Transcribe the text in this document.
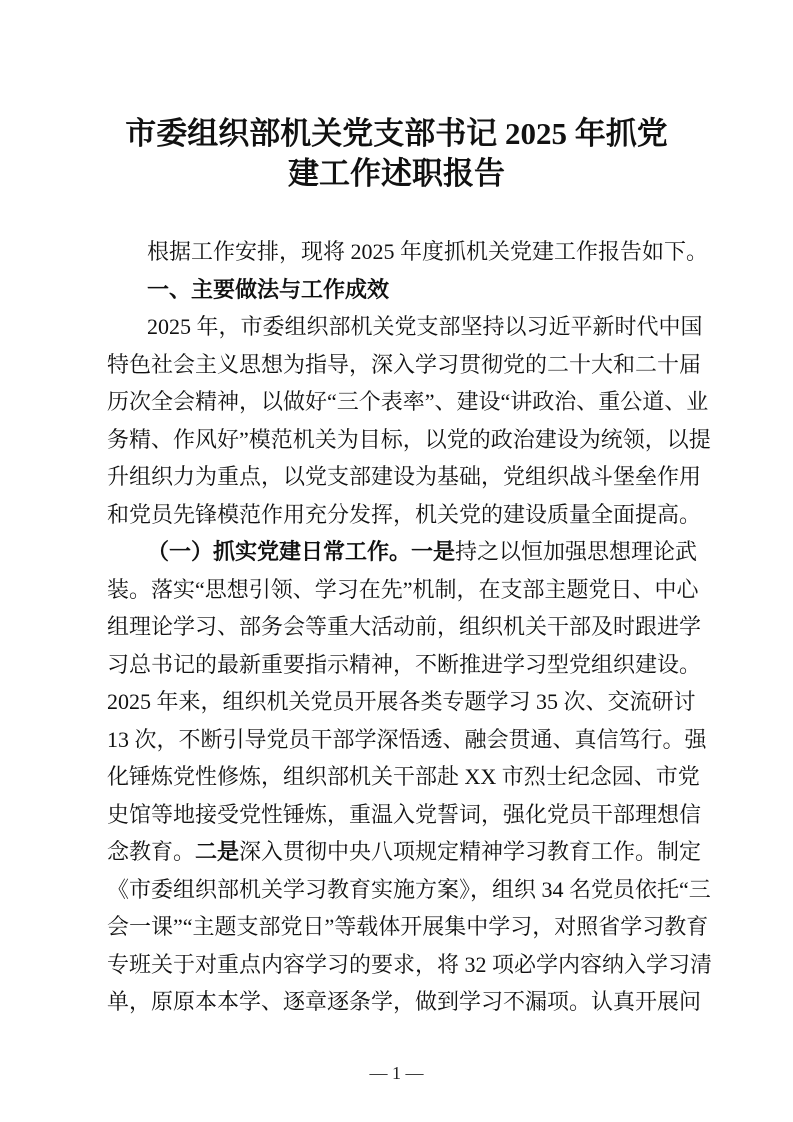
市委组织部机关党支部书记 2025 年抓党
建工作述职报告
根据工作安排，现将 2025 年度抓机关党建工作报告如下。
一、主要做法与工作成效
2025 年，市委组织部机关党支部坚持以习近平新时代中国
特色社会主义思想为指导，深入学习贯彻党的二十大和二十届
历次全会精神，以做好“三个表率”、建设“讲政治、重公道、业
务精、作风好”模范机关为目标，以党的政治建设为统领，以提
升组织力为重点，以党支部建设为基础，党组织战斗堡垒作用
和党员先锋模范作用充分发挥，机关党的建设质量全面提高。
（一）抓实党建日常工作。一是持之以恒加强思想理论武
装。落实“思想引领、学习在先”机制，在支部主题党日、中心
组理论学习、部务会等重大活动前，组织机关干部及时跟进学
习总书记的最新重要指示精神，不断推进学习型党组织建设。
2025 年来，组织机关党员开展各类专题学习 35 次、交流研讨
13 次，不断引导党员干部学深悟透、融会贯通、真信笃行。强
化锤炼党性修炼，组织部机关干部赴 XX 市烈士纪念园、市党
史馆等地接受党性锤炼，重温入党誓词，强化党员干部理想信
念教育。二是深入贯彻中央八项规定精神学习教育工作。制定
《市委组织部机关学习教育实施方案》，组织 34 名党员依托“三
会一课”“主题支部党日”等载体开展集中学习，对照省学习教育
专班关于对重点内容学习的要求，将 32 项必学内容纳入学习清
单，原原本本学、逐章逐条学，做到学习不漏项。认真开展问
— 1 —
